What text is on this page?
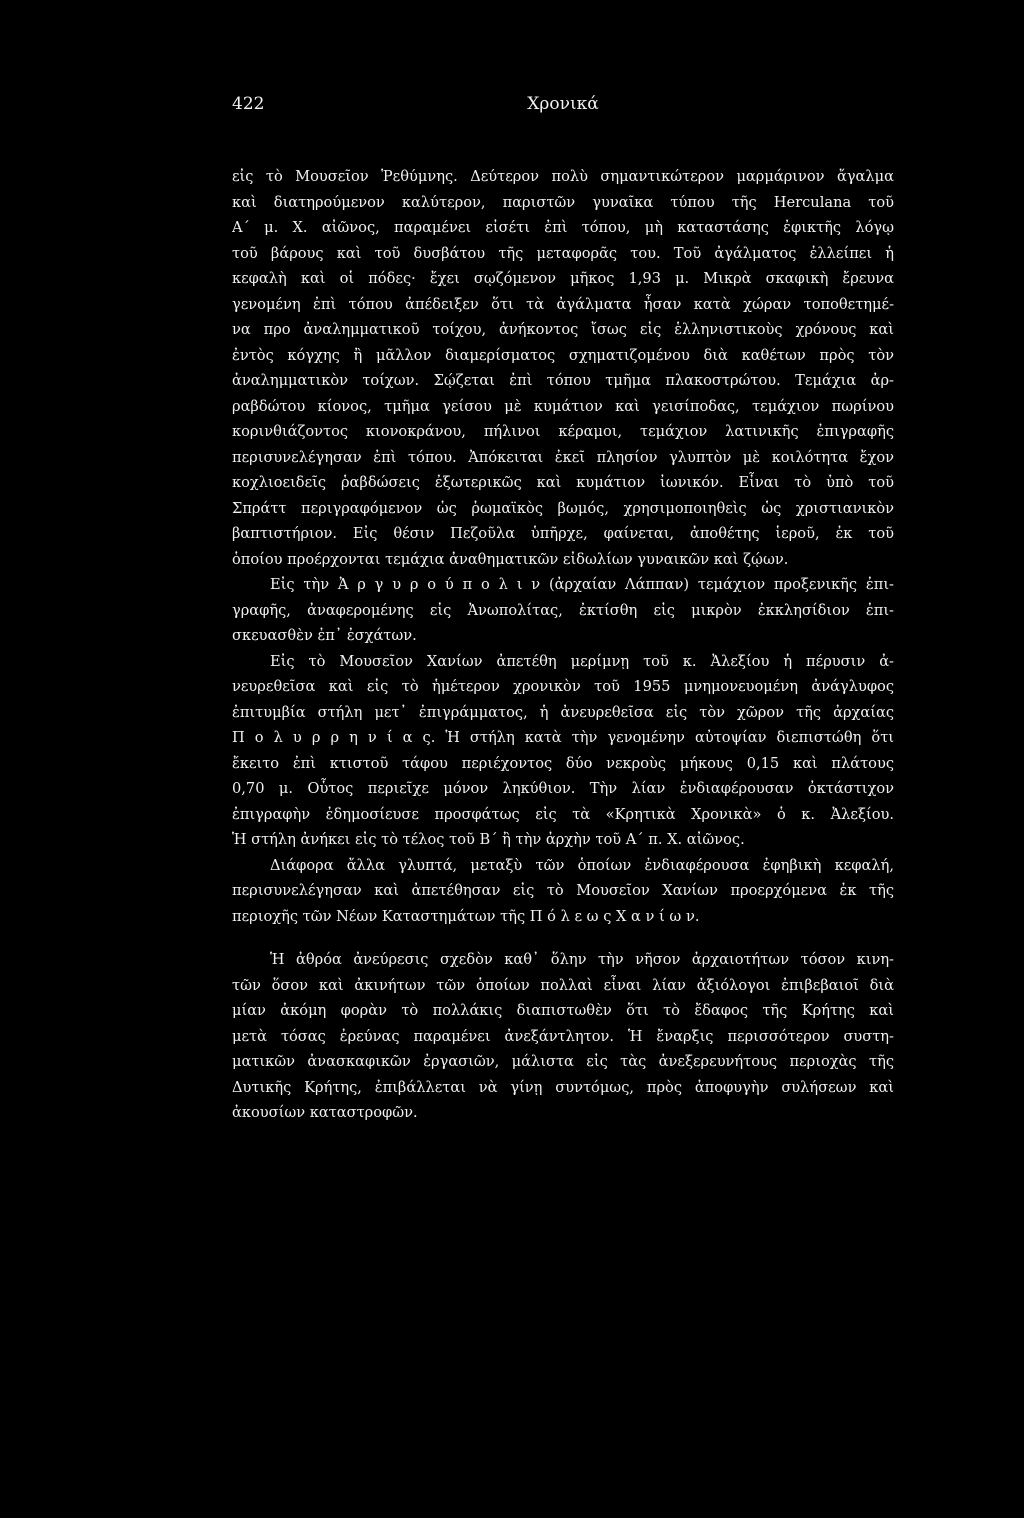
422	Χρονικά
εἰς τὸ Μουσεῖον Ῥεθύμνης. Δεύτερον πολὺ σημαντικώτερον μαρμάρινον ἄγαλμα
καὶ διατηρούμενον καλύτερον, παριστῶν γυναῖκα τύπου τῆς Herculana τοῦ
Α΄ μ. Χ. αἰῶνος, παραμένει εἰσέτι ἐπὶ τόπου, μὴ καταστάσης ἐφικτῆς λόγῳ
τοῦ βάρους καὶ τοῦ δυσβάτου τῆς μεταφορᾶς του. Τοῦ ἀγάλματος ἐλλείπει ἡ
κεφαλὴ καὶ οἱ πόδες· ἔχει σῳζόμενον μῆκος 1,93 μ. Μικρὰ σκαφικὴ ἔρευνα
γενομένη ἐπὶ τόπου ἀπέδειξεν ὅτι τὰ ἀγάλματα ἦσαν κατὰ χώραν τοποθετημέ-
να προ ἀναλημματικοῦ τοίχου, ἀνήκοντος ἴσως εἰς ἑλληνιστικοὺς χρόνους καὶ
ἐντὸς κόγχης ἢ μᾶλλον διαμερίσματος σχηματιζομένου διὰ καθέτων πρὸς τὸν
ἀναλημματικὸν τοίχων. Σῴζεται ἐπὶ τόπου τμῆμα πλακοστρώτου. Τεμάχια ἀρ-
ραβδώτου κίονος, τμῆμα γείσου μὲ κυμάτιον καὶ γεισίποδας, τεμάχιον πωρίνου
κορινθιάζοντος κιονοκράνου, πήλινοι κέραμοι, τεμάχιον λατινικῆς ἐπιγραφῆς
περισυνελέγησαν ἐπὶ τόπου. Ἀπόκειται ἐκεῖ πλησίον γλυπτὸν μὲ κοιλότητα ἔχον
κοχλιοειδεῖς ῥαβδώσεις ἐξωτερικῶς καὶ κυμάτιον ἰωνικόν. Εἶναι τὸ ὑπὸ τοῦ
Σπράττ περιγραφόμενον ὡς ῥωμαϊκὸς βωμός, χρησιμοποιηθεὶς ὡς χριστιανικὸν
βαπτιστήριον. Εἰς θέσιν Πεζοῦλα ὑπῆρχε, φαίνεται, ἀποθέτης ἱεροῦ, ἐκ τοῦ
ὁποίου προέρχονται τεμάχια ἀναθηματικῶν εἰδωλίων γυναικῶν καὶ ζῴων.
Εἰς τὴν Ἀ ρ γ υ ρ ο ύ π ο λ ι ν (ἀρχαίαν Λάππαν) τεμάχιον προξενικῆς ἐπι-
γραφῆς, ἀναφερομένης εἰς Ἀνωπολίτας, ἐκτίσθη εἰς μικρὸν ἐκκλησίδιον ἐπι-
σκευασθὲν ἐπ᾽ ἐσχάτων.
Εἰς τὸ Μουσεῖον Χανίων ἀπετέθη μερίμνῃ τοῦ κ. Ἀλεξίου ἡ πέρυσιν ἀ-
νευρεθεῖσα καὶ εἰς τὸ ἡμέτερον χρονικὸν τοῦ 1955 μνημονευομένη ἀνάγλυφος
ἐπιτυμβία στήλη μετ᾽ ἐπιγράμματος, ἡ ἀνευρεθεῖσα εἰς τὸν χῶρον τῆς ἀρχαίας
Π ο λ υ ρ ρ η ν ί α ς. Ἡ στήλη κατὰ τὴν γενομένην αὐτοψίαν διεπιστώθη ὅτι
ἔκειτο ἐπὶ κτιστοῦ τάφου περιέχοντος δύο νεκροὺς μήκους 0,15 καὶ πλάτους
0,70 μ. Οὗτος περιεῖχε μόνον ληκύθιον. Τὴν λίαν ἐνδιαφέρουσαν ὀκτάστιχον
ἐπιγραφὴν ἐδημοσίευσε προσφάτως εἰς τὰ «Κρητικὰ Χρονικὰ» ὁ κ. Ἀλεξίου.
Ἡ στήλη ἀνήκει εἰς τὸ τέλος τοῦ Β΄ ἢ τὴν ἀρχὴν τοῦ Α΄ π. Χ. αἰῶνος.
Διάφορα ἄλλα γλυπτά, μεταξὺ τῶν ὁποίων ἐνδιαφέρουσα ἐφηβικὴ κεφαλή,
περισυνελέγησαν καὶ ἀπετέθησαν εἰς τὸ Μουσεῖον Χανίων προερχόμενα ἐκ τῆς
περιοχῆς τῶν Νέων Καταστημάτων τῆς Π ό λ ε ω ς Χ α ν ί ω ν.
Ἡ ἀθρόα ἀνεύρεσις σχεδὸν καθ᾽ ὅλην τὴν νῆσον ἀρχαιοτήτων τόσον κινη-
τῶν ὅσον καὶ ἀκινήτων τῶν ὁποίων πολλαὶ εἶναι λίαν ἀξιόλογοι ἐπιβεβαιοῖ διὰ
μίαν ἀκόμη φορὰν τὸ πολλάκις διαπιστωθὲν ὅτι τὸ ἔδαφος τῆς Κρήτης καὶ
μετὰ τόσας ἐρεύνας παραμένει ἀνεξάντλητον. Ἡ ἔναρξις περισσότερον συστη-
ματικῶν ἀνασκαφικῶν ἐργασιῶν, μάλιστα εἰς τὰς ἀνεξερευνήτους περιοχὰς τῆς
Δυτικῆς Κρήτης, ἐπιβάλλεται νὰ γίνῃ συντόμως, πρὸς ἀποφυγὴν συλήσεων καὶ
ἀκουσίων καταστροφῶν.
Ν. ΠΛΑΤΩΝ
ΤΟ ΕΡΓΟΝ ΤΗΣ ΕΤΑΙΡΙΑΣ ΚΡΗΤΙΚΩΝ ΙΣΤΟΡΙΚΩΝ ΜΕΛΕΤΩΝ ΚΑΤΑ ΤΟ 1956
Σημαντικὴν δρᾶσιν ἔχει νὰ ἐπιδείξῃ ἡ ἐν Ἡρακλείῳ Ἑταιρία Κρητικῶν Ἱστο-
ρικῶν Μελετῶν κατὰ τὸ 1956, ὡς καὶ κατὰ τὰ προηγούμενα ἔτη. Οὕτω κατόπιν
ἐξουσιοδοτήσεως παρασχεθείσης ὑπὸ τῆς Ε΄ τακτικῆς ἐτησίας συνελεύσεως ὑπε-
γράφη σύμβασις μετὰ τοῦ Δήμου Ἡρακλείου, διὰ τῆς ὁποίας ὁ Δῆμος παρέδωσεν
